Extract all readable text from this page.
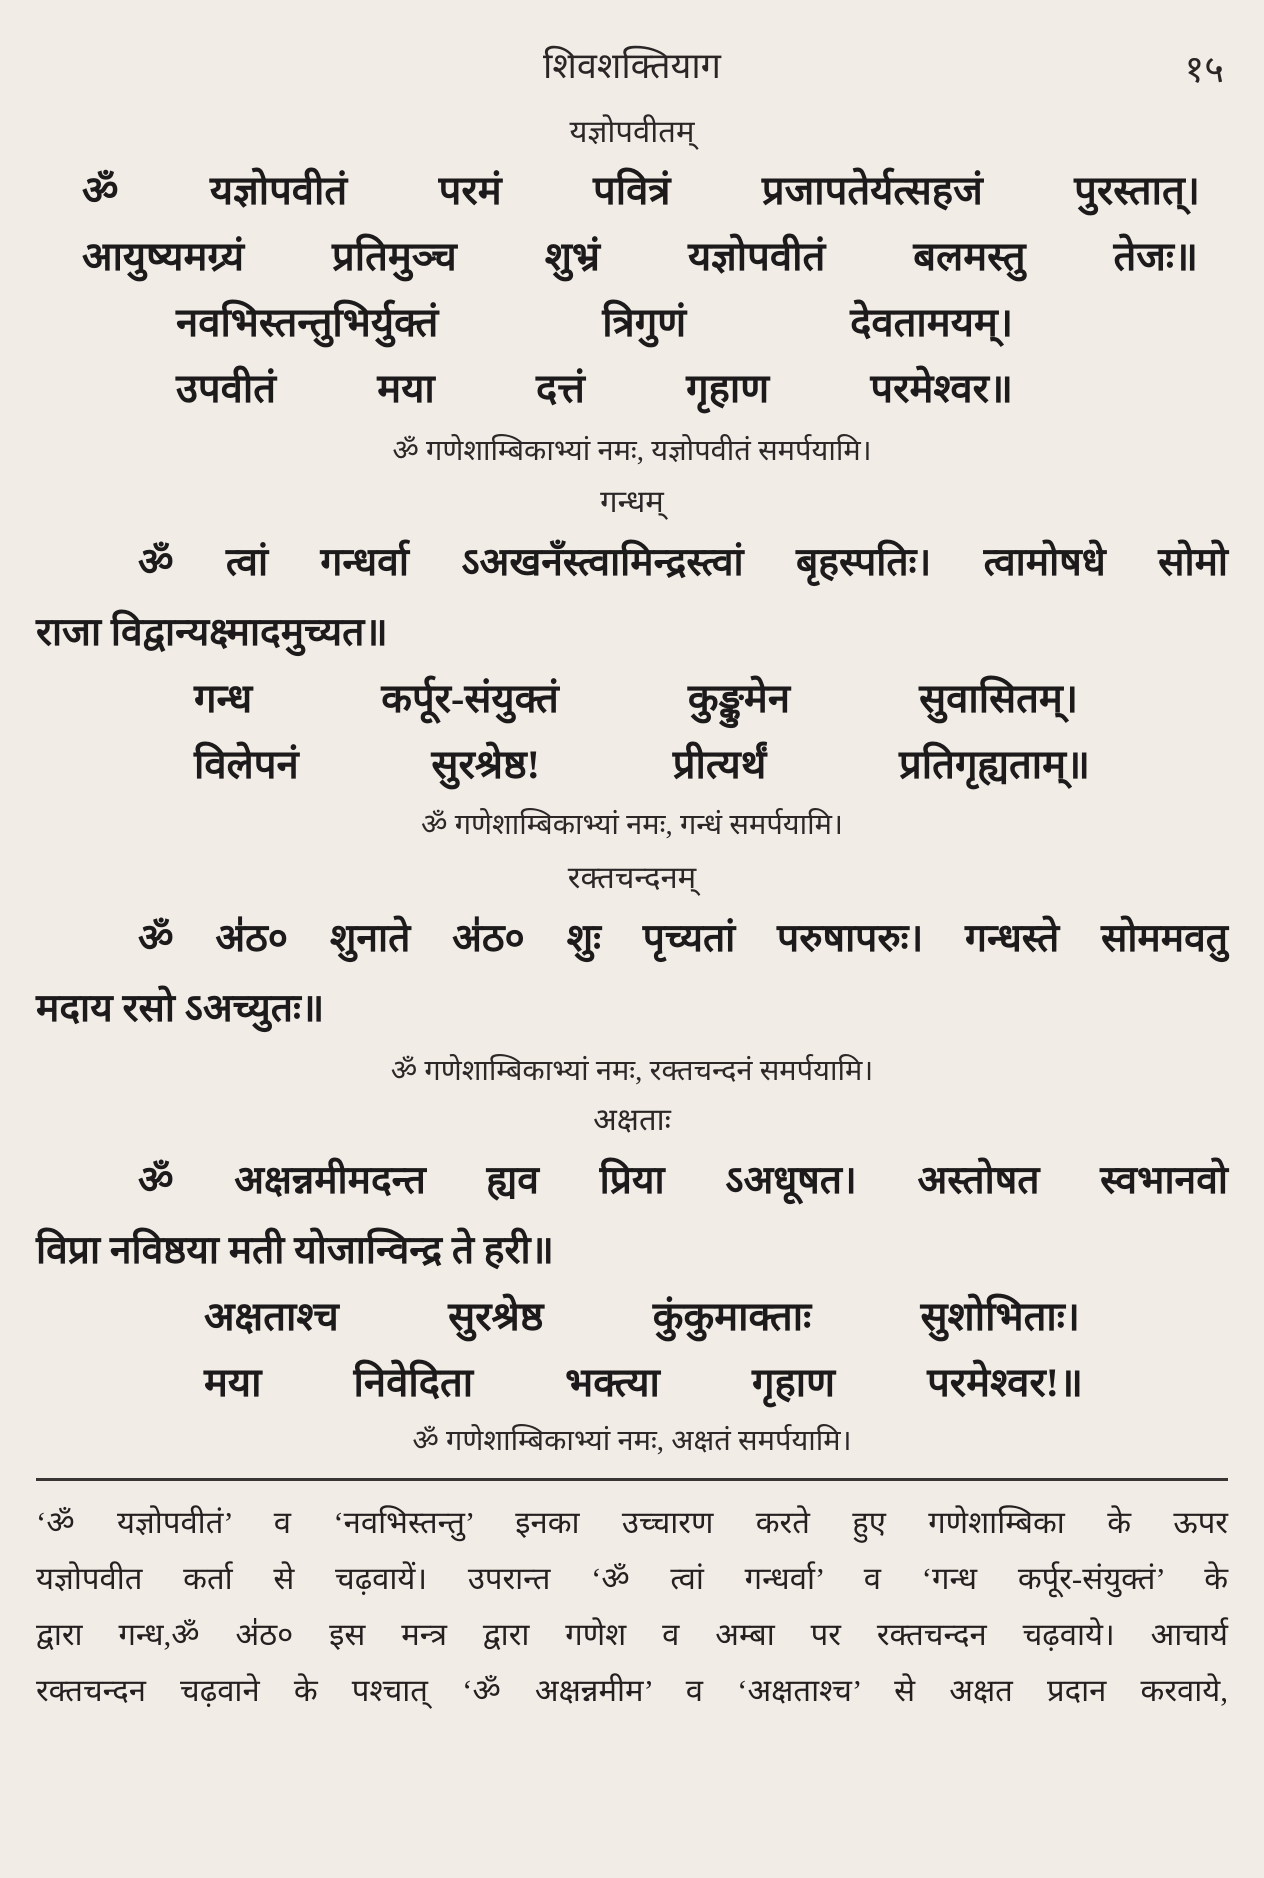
शिवशक्तियाग	१५
यज्ञोपवीतम्
ॐ यज्ञोपवीतं परमं पवित्रं प्रजापतेर्यत्सहजं पुरस्तात्।
आयुष्यमग्र्यं प्रतिमुञ्च शुभ्रं यज्ञोपवीतं बलमस्तु तेजः॥
नवभिस्तन्तुभिर्युक्तं	त्रिगुणं	देवतामयम्।
उपवीतं	मया	दत्तं	गृहाण	परमेश्वर॥
ॐ गणेशाम्बिकाभ्यां नमः, यज्ञोपवीतं समर्पयामि।
गन्धम्
ॐ त्वां गन्धर्वा ऽअखनँस्त्वामिन्द्रस्त्वां बृहस्पतिः। त्वामोषधे सोमो
राजा विद्वान्यक्ष्मादमुच्यत॥
गन्ध	कर्पूर-संयुक्तं	कुङ्कुमेन	सुवासितम्।
विलेपनं	सुरश्रेष्ठ!	प्रीत्यर्थं	प्रतिगृह्यताम्॥
ॐ गणेशाम्बिकाभ्यां नमः, गन्धं समर्पयामि।
रक्तचन्दनम्
ॐ अ॑ठ० शुनाते अ॑ठ० शुः पृच्यतां परुषापरुः। गन्धस्ते सोममवतु
मदाय रसो ऽअच्युतः॥
ॐ गणेशाम्बिकाभ्यां नमः, रक्तचन्दनं समर्पयामि।
अक्षताः
ॐ अक्षन्नमीमदन्त ह्यव प्रिया ऽअधूषत। अस्तोषत स्वभानवो
विप्रा नविष्ठया मती योजान्विन्द्र ते हरी॥
अक्षताश्च	सुरश्रेष्ठ	कुंकुमाक्ताः	सुशोभिताः।
मया निवेदिता भक्त्या गृहाण परमेश्वर!॥
ॐ गणेशाम्बिकाभ्यां नमः, अक्षतं समर्पयामि।
‘ॐ यज्ञोपवीतं’ व ‘नवभिस्तन्तु’ इनका उच्चारण करते हुए गणेशाम्बिका के ऊपर
यज्ञोपवीत कर्ता से चढ़वायें। उपरान्त ‘ॐ त्वां गन्धर्वा’ व ‘गन्ध कर्पूर-संयुक्तं’ के
द्वारा गन्ध,ॐ अ॑ठ० इस मन्त्र द्वारा गणेश व अम्बा पर रक्तचन्दन चढ़वाये। आचार्य
रक्तचन्दन चढ़वाने के पश्चात् ‘ॐ अक्षन्नमीम’ व ‘अक्षताश्च’ से अक्षत प्रदान करवाये,
